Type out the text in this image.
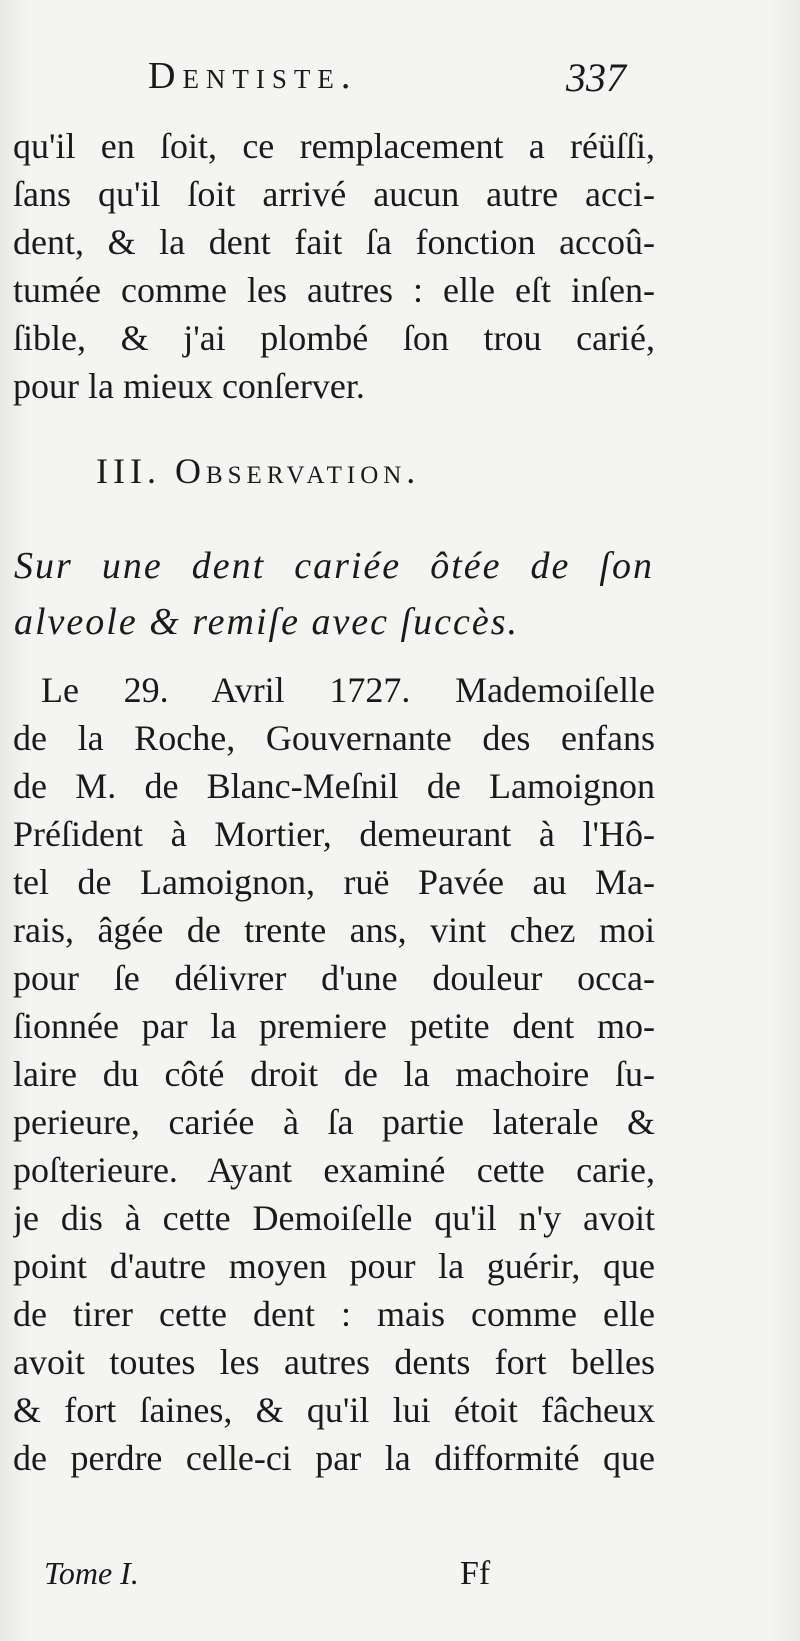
Dentiste.	337
qu'il en ſoit, ce remplacement a réüſſi,
ſans qu'il ſoit arrivé aucun autre acci-
dent, & la dent fait ſa fonction accoû-
tumée comme les autres : elle eſt inſen-
ſible, & j'ai plombé ſon trou carié,
pour la mieux conſerver.
III. Observation.
Sur une dent cariée ôtée de ſon
alveole & remiſe avec ſuccès.
Le 29. Avril 1727. Mademoiſelle
de la Roche, Gouvernante des enfans
de M. de Blanc-Meſnil de Lamoignon
Préſident à Mortier, demeurant à l'Hô-
tel de Lamoignon, ruë Pavée au Ma-
rais, âgée de trente ans, vint chez moi
pour ſe délivrer d'une douleur occa-
ſionnée par la premiere petite dent mo-
laire du côté droit de la machoire ſu-
perieure, cariée à ſa partie laterale &
poſterieure. Ayant examiné cette carie,
je dis à cette Demoiſelle qu'il n'y avoit
point d'autre moyen pour la guérir, que
de tirer cette dent : mais comme elle
avoit toutes les autres dents fort belles
& fort ſaines, & qu'il lui étoit fâcheux
de perdre celle-ci par la difformité que
Tome I.	Ff
